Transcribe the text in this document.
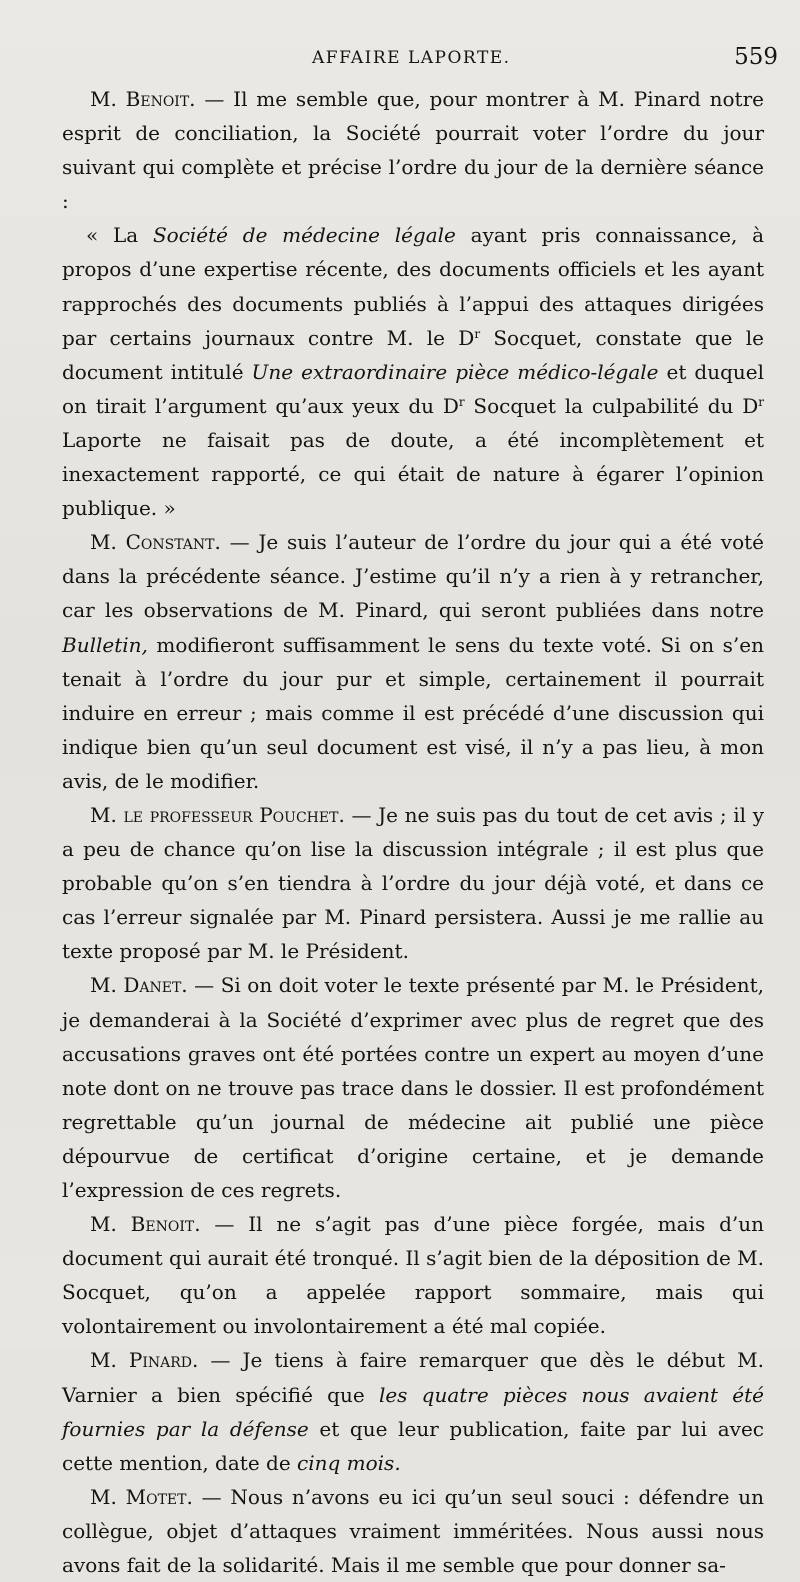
AFFAIRE LAPORTE.	559

M. Benoit. — Il me semble que, pour montrer à M. Pinard notre esprit de conciliation, la Société pourrait voter l’ordre du jour suivant qui complète et précise l’ordre du jour de la dernière séance :

« La Société de médecine légale ayant pris connaissance, à propos d’une expertise récente, des documents officiels et les ayant rapprochés des documents publiés à l’appui des attaques dirigées par certains journaux contre M. le $D^r$ Socquet, constate que le document intitulé Une extraordinaire pièce médico-légale et duquel on tirait l’argument qu’aux yeux du $D^r$ Socquet la culpabilité du $D^r$ Laporte ne faisait pas de doute, a été incomplètement et inexactement rapporté, ce qui était de nature à égarer l’opinion publique. »

M. Constant. — Je suis l’auteur de l’ordre du jour qui a été voté dans la précédente séance. J’estime qu’il n’y a rien à y retrancher, car les observations de M. Pinard, qui seront publiées dans notre Bulletin, modifieront suffisamment le sens du texte voté. Si on s’en tenait à l’ordre du jour pur et simple, certainement il pourrait induire en erreur ; mais comme il est précédé d’une discussion qui indique bien qu’un seul document est visé, il n’y a pas lieu, à mon avis, de le modifier.

M. le professeur Pouchet. — Je ne suis pas du tout de cet avis ; il y a peu de chance qu’on lise la discussion intégrale ; il est plus que probable qu’on s’en tiendra à l’ordre du jour déjà voté, et dans ce cas l’erreur signalée par M. Pinard persistera. Aussi je me rallie au texte proposé par M. le Président.

M. Danet. — Si on doit voter le texte présenté par M. le Président, je demanderai à la Société d’exprimer avec plus de regret que des accusations graves ont été portées contre un expert au moyen d’une note dont on ne trouve pas trace dans le dossier. Il est profondément regrettable qu’un journal de médecine ait publié une pièce dépourvue de certificat d’origine certaine, et je demande l’expression de ces regrets.

M. Benoit. — Il ne s’agit pas d’une pièce forgée, mais d’un document qui aurait été tronqué. Il s’agit bien de la déposition de M. Socquet, qu’on a appelée rapport sommaire, mais qui volontairement ou involontairement a été mal copiée.

M. Pinard. — Je tiens à faire remarquer que dès le début M. Varnier a bien spécifié que les quatre pièces nous avaient été fournies par la défense et que leur publication, faite par lui avec cette mention, date de cinq mois.

M. Motet. — Nous n’avons eu ici qu’un seul souci : défendre un collègue, objet d’attaques vraiment imméritées. Nous aussi nous avons fait de la solidarité. Mais il me semble que pour donner sa-
